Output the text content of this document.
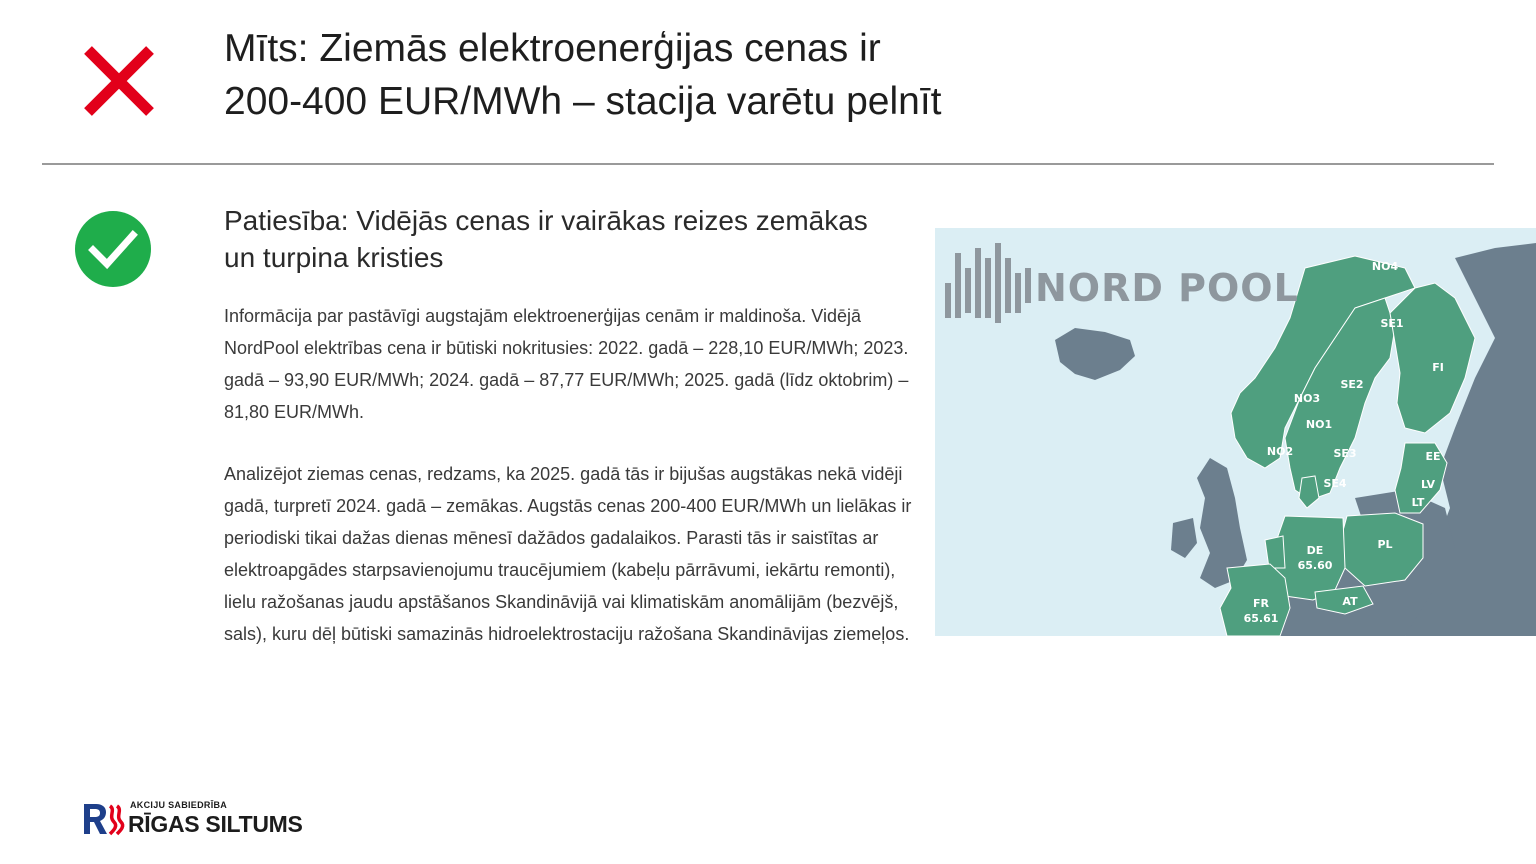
Mīts: Ziemās elektroenerģijas cenas ir
200-400 EUR/MWh – stacija varētu pelnīt
Patiesība: Vidējās cenas ir vairākas reizes zemākas
un turpina kristies

Informācija par pastāvīgi augstajām elektroenerģijas cenām ir maldinoša. Vidējā NordPool elektrības cena ir būtiski nokritusies: 2022. gadā – 228,10 EUR/MWh; 2023. gadā – 93,90 EUR/MWh; 2024. gadā – 87,77 EUR/MWh; 2025. gadā (līdz oktobrim) – 81,80 EUR/MWh.

Analizējot ziemas cenas, redzams, ka 2025. gadā tās ir bijušas augstākas nekā vidēji gadā, turpretī 2024. gadā – zemākas. Augstās cenas 200-400 EUR/MWh un lielākas ir periodiski tikai dažas dienas mēnesī dažādos gadalaikos. Parasti tās ir saistītas ar elektroapgādes starpsavienojumu traucējumiem (kabeļu pārrāvumi, iekārtu remonti), lielu ražošanas jaudu apstāšanos Skandināvijā vai klimatiskām anomālijām (bezvējš, sals), kuru dēļ būtiski samazinās hidroelektrostaciju ražošana Skandināvijas ziemeļos.

NORD POOL	NO4
SE1
FI
SE2
NO3
NO1
NO2	SE3	EE
LV
SE4
LT
PL
DE
65.60
AT
FR
65.61
AKCIJU SABIEDRĪBA
RĪGAS SILTUMS
